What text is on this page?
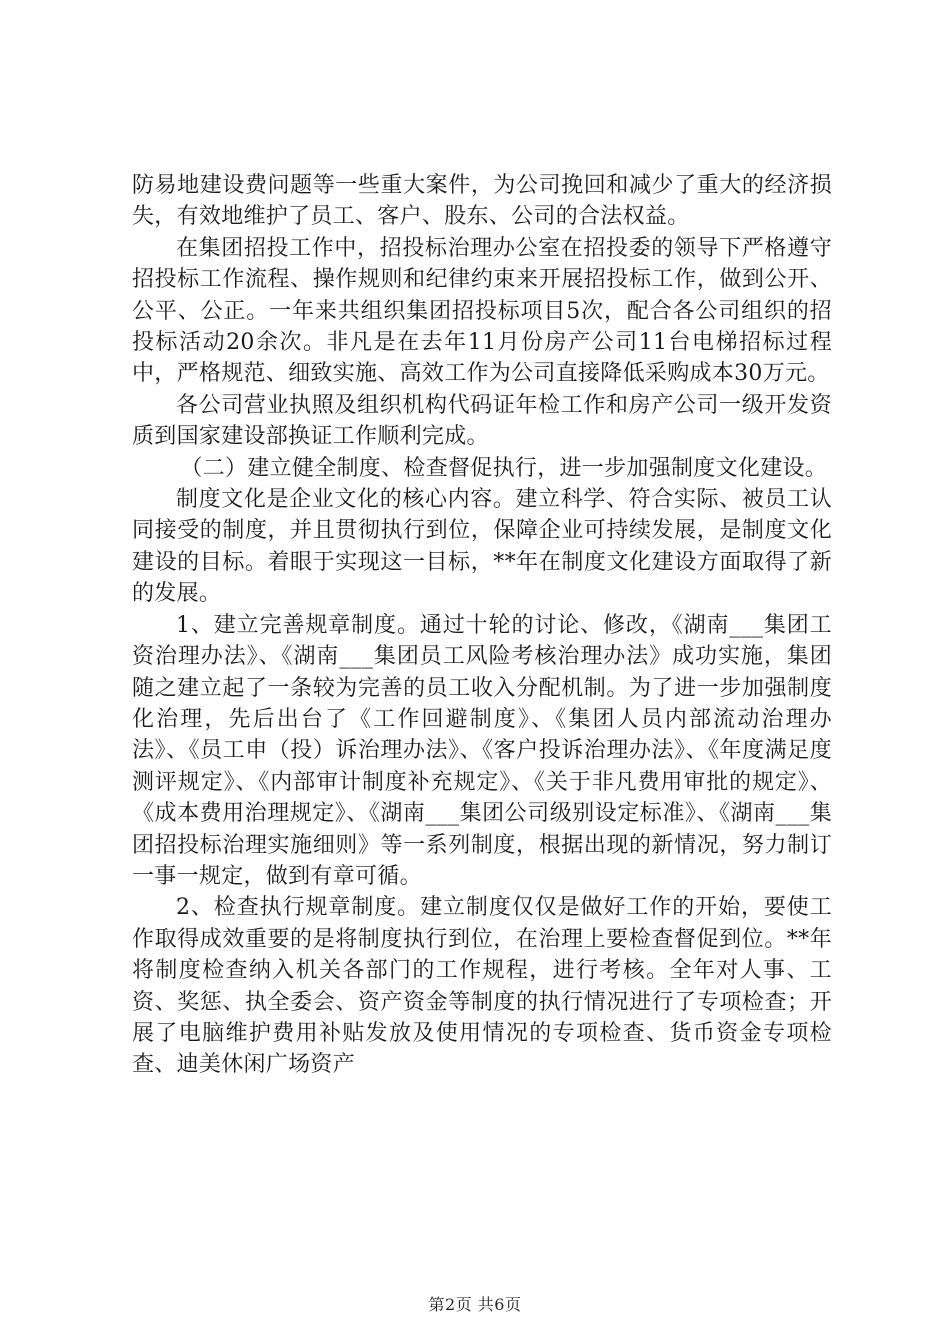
防易地建设费问题等一些重大案件，为公司挽回和减少了重大的经济损失，有效地维护了员工、客户、股东、公司的合法权益。

在集团招投工作中，招投标治理办公室在招投委的领导下严格遵守招投标工作流程、操作规则和纪律约束来开展招投标工作，做到公开、公平、公正。一年来共组织集团招投标项目5次，配合各公司组织的招投标活动20余次。非凡是在去年11月份房产公司11台电梯招标过程中，严格规范、细致实施、高效工作为公司直接降低采购成本30万元。

各公司营业执照及组织机构代码证年检工作和房产公司一级开发资质到国家建设部换证工作顺利完成。

（二）建立健全制度、检查督促执行，进一步加强制度文化建设。

制度文化是企业文化的核心内容。建立科学、符合实际、被员工认同接受的制度，并且贯彻执行到位，保障企业可持续发展，是制度文化建设的目标。着眼于实现这一目标，**年在制度文化建设方面取得了新的发展。

1、建立完善规章制度。通过十轮的讨论、修改，《湖南___集团工资治理办法》、《湖南___集团员工风险考核治理办法》成功实施，集团随之建立起了一条较为完善的员工收入分配机制。为了进一步加强制度化治理，先后出台了《工作回避制度》、《集团人员内部流动治理办法》、《员工申（投）诉治理办法》、《客户投诉治理办法》、《年度满足度测评规定》、《内部审计制度补充规定》、《关于非凡费用审批的规定》、《成本费用治理规定》、《湖南___集团公司级别设定标准》、《湖南___集团招投标治理实施细则》等一系列制度，根据出现的新情况，努力制订一事一规定，做到有章可循。

2、检查执行规章制度。建立制度仅仅是做好工作的开始，要使工作取得成效重要的是将制度执行到位，在治理上要检查督促到位。**年将制度检查纳入机关各部门的工作规程，进行考核。全年对人事、工资、奖惩、执全委会、资产资金等制度的执行情况进行了专项检查；开展了电脑维护费用补贴发放及使用情况的专项检查、货币资金专项检查、迪美休闲广场资产

第2页 共6页
